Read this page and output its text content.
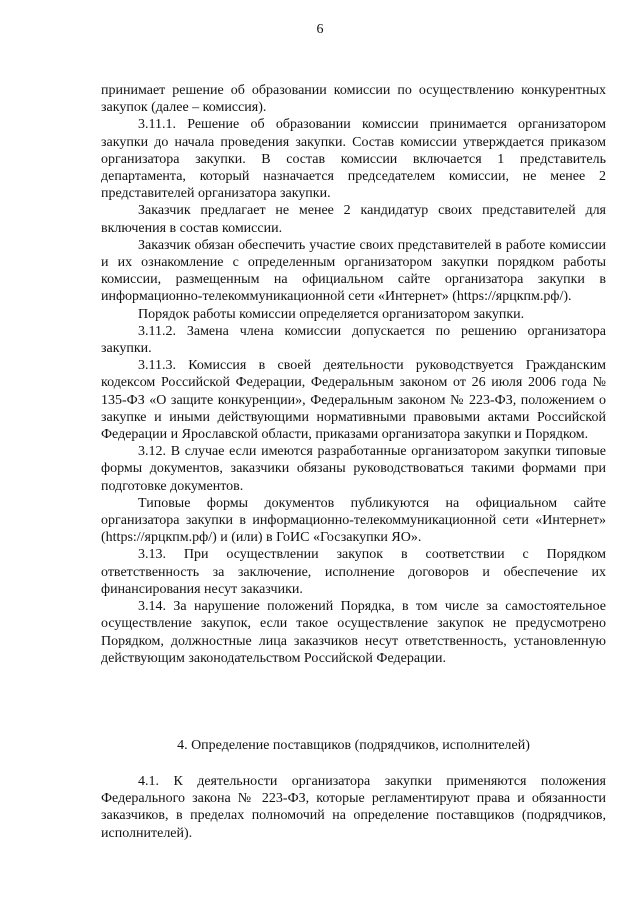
6

принимает решение об образовании комиссии по осуществлению конкурентных закупок (далее – комиссия).

3.11.1. Решение об образовании комиссии принимается организатором закупки до начала проведения закупки. Состав комиссии утверждается приказом организатора закупки. В состав комиссии включается 1 представитель департамента, который назначается председателем комиссии, не менее 2 представителей организатора закупки.

Заказчик предлагает не менее 2 кандидатур своих представителей для включения в состав комиссии.

Заказчик обязан обеспечить участие своих представителей в работе комиссии и их ознакомление с определенным организатором закупки порядком работы комиссии, размещенным на официальном сайте организатора закупки в информационно-телекоммуникационной сети «Интернет» (https://ярцкпм.рф/).

Порядок работы комиссии определяется организатором закупки.

3.11.2. Замена члена комиссии допускается по решению организатора закупки.

3.11.3. Комиссия в своей деятельности руководствуется Гражданским кодексом Российской Федерации, Федеральным законом от 26 июля 2006 года № 135-ФЗ «О защите конкуренции», Федеральным законом № 223-ФЗ, положением о закупке и иными действующими нормативными правовыми актами Российской Федерации и Ярославской области, приказами организатора закупки и Порядком.

3.12. В случае если имеются разработанные организатором закупки типовые формы документов, заказчики обязаны руководствоваться такими формами при подготовке документов.

Типовые формы документов публикуются на официальном сайте организатора закупки в информационно-телекоммуникационной сети «Интернет» (https://ярцкпм.рф/) и (или) в ГоИС «Госзакупки ЯО».

3.13. При осуществлении закупок в соответствии с Порядком ответственность за заключение, исполнение договоров и обеспечение их финансирования несут заказчики.

3.14. За нарушение положений Порядка, в том числе за самостоятельное осуществление закупок, если такое осуществление закупок не предусмотрено Порядком, должностные лица заказчиков несут ответственность, установленную действующим законодательством Российской Федерации.

4. Определение поставщиков (подрядчиков, исполнителей)

4.1. К деятельности организатора закупки применяются положения Федерального закона № 223-ФЗ, которые регламентируют права и обязанности заказчиков, в пределах полномочий на определение поставщиков (подрядчиков, исполнителей).
